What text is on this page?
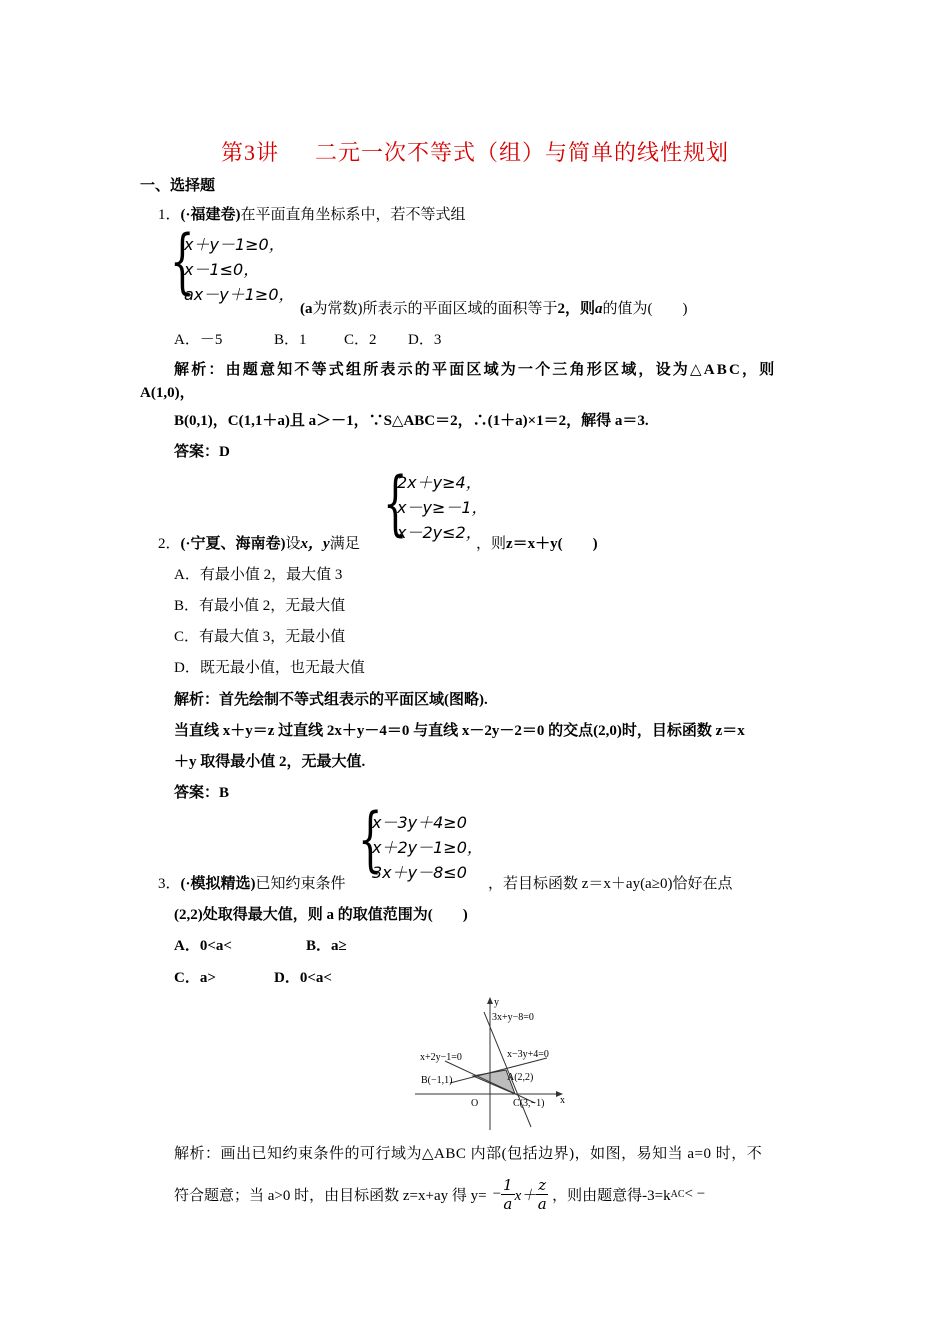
第3讲 二元一次不等式（组）与简单的线性规划
一、选择题
1．(·福建卷)在平面直角坐标系中，若不等式组
{
x＋y－1≥0，
x－1≤0，
ax－y＋1≥0，
(a为常数)所表示的平面区域的面积等于2，则a的值为(　　)
A．－5	B．1 C．2 D．3
解析：由题意知不等式组所表示的平面区域为一个三角形区域，设为△ABC，则
A(1,0)，
B(0,1)，C(1,1＋a)且 a＞－1，∵S△ABC＝2，∴(1＋a)×1＝2，解得 a＝3.
答案：D
{
2x＋y≥4，
x－y≥－1，
x－2y≤2，
2．(·宁夏、海南卷)设x，y满足	，则z＝x＋y(　　)
A．有最小值 2，最大值 3
B．有最小值 2，无最大值
C．有最大值 3，无最小值
D．既无最小值，也无最大值
解析：首先绘制不等式组表示的平面区域(图略).
当直线 x＋y＝z 过直线 2x＋y－4＝0 与直线 x－2y－2＝0 的交点(2,0)时，目标函数 z＝x
＋y 取得最小值 2，无最大值.
答案：B
{
x－3y＋4≥0
x＋2y－1≥0，
3x＋y－8≤0
3．(·模拟精选)已知约束条件	，若目标函数 z＝x＋ay(a≥0)恰好在点
(2,2)处取得最大值，则 a 的取值范围为(　　)
A．0<a<	B．a≥
C．a>	D．0<a<
y
x
O
3x+y−8=0
x−3y+4=0
x+2y−1=0
A(2,2)
B(−1,1)
C(3,−1)
解析：画出已知约束条件的可行域为△ABC 内部(包括边界)，如图，易知当 a=0 时，不
符合题意；当 a>0 时，由目标函数 z=x+ay 得 $y= - \frac{1}{a} x+ \frac{z}{a}$ ，则由题意得-3=k AC < −
